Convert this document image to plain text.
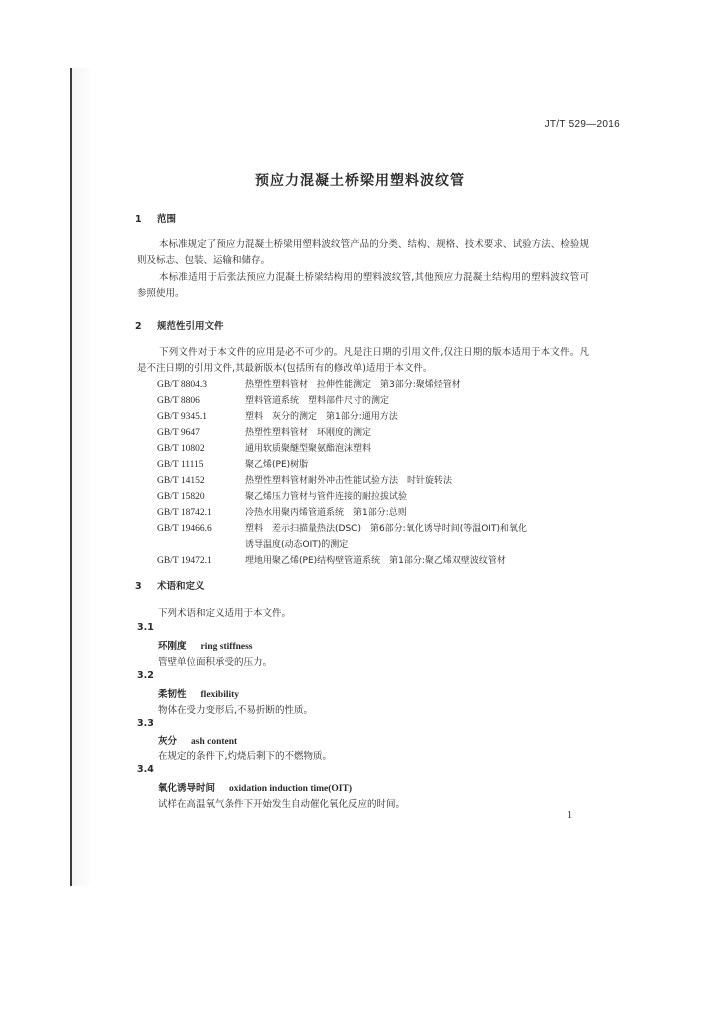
JT/T 529—2016
预应力混凝土桥梁用塑料波纹管
1 范围
本标准规定了预应力混凝土桥梁用塑料波纹管产品的分类、结构、规格、技术要求、试验方法、检验规则及标志、包装、运输和储存。
本标准适用于后张法预应力混凝土桥梁结构用的塑料波纹管,其他预应力混凝土结构用的塑料波纹管可参照使用。
2 规范性引用文件
下列文件对于本文件的应用是必不可少的。凡是注日期的引用文件,仅注日期的版本适用于本文件。凡是不注日期的引用文件,其最新版本(包括所有的修改单)适用于本文件。
GB/T 8804.3	热塑性塑料管材　拉伸性能测定　第3部分:聚烯烃管材
GB/T 8806	塑料管道系统　塑料部件尺寸的测定
GB/T 9345.1	塑料　灰分的测定　第1部分:通用方法
GB/T 9647	热塑性塑料管材　环刚度的测定
GB/T 10802	通用软质聚醚型聚氨酯泡沫塑料
GB/T 11115	聚乙烯(PE)树脂
GB/T 14152	热塑性塑料管材耐外冲击性能试验方法　时针旋转法
GB/T 15820	聚乙烯压力管材与管件连接的耐拉拔试验
GB/T 18742.1	冷热水用聚丙烯管道系统　第1部分:总则
GB/T 19466.6	塑料　差示扫描量热法(DSC)　第6部分:氧化诱导时间(等温OIT)和氧化
诱导温度(动态OIT)的测定
GB/T 19472.1	埋地用聚乙烯(PE)结构壁管道系统　第1部分:聚乙烯双壁波纹管材
3 术语和定义
下列术语和定义适用于本文件。
3.1
环刚度 ring stiffness
管壁单位面积承受的压力。
3.2
柔韧性 flexibility
物体在受力变形后,不易折断的性质。
3.3
灰分 ash content
在规定的条件下,灼烧后剩下的不燃物质。
3.4
氧化诱导时间 oxidation induction time(OIT)
试样在高温氧气条件下开始发生自动催化氧化反应的时间。
1
